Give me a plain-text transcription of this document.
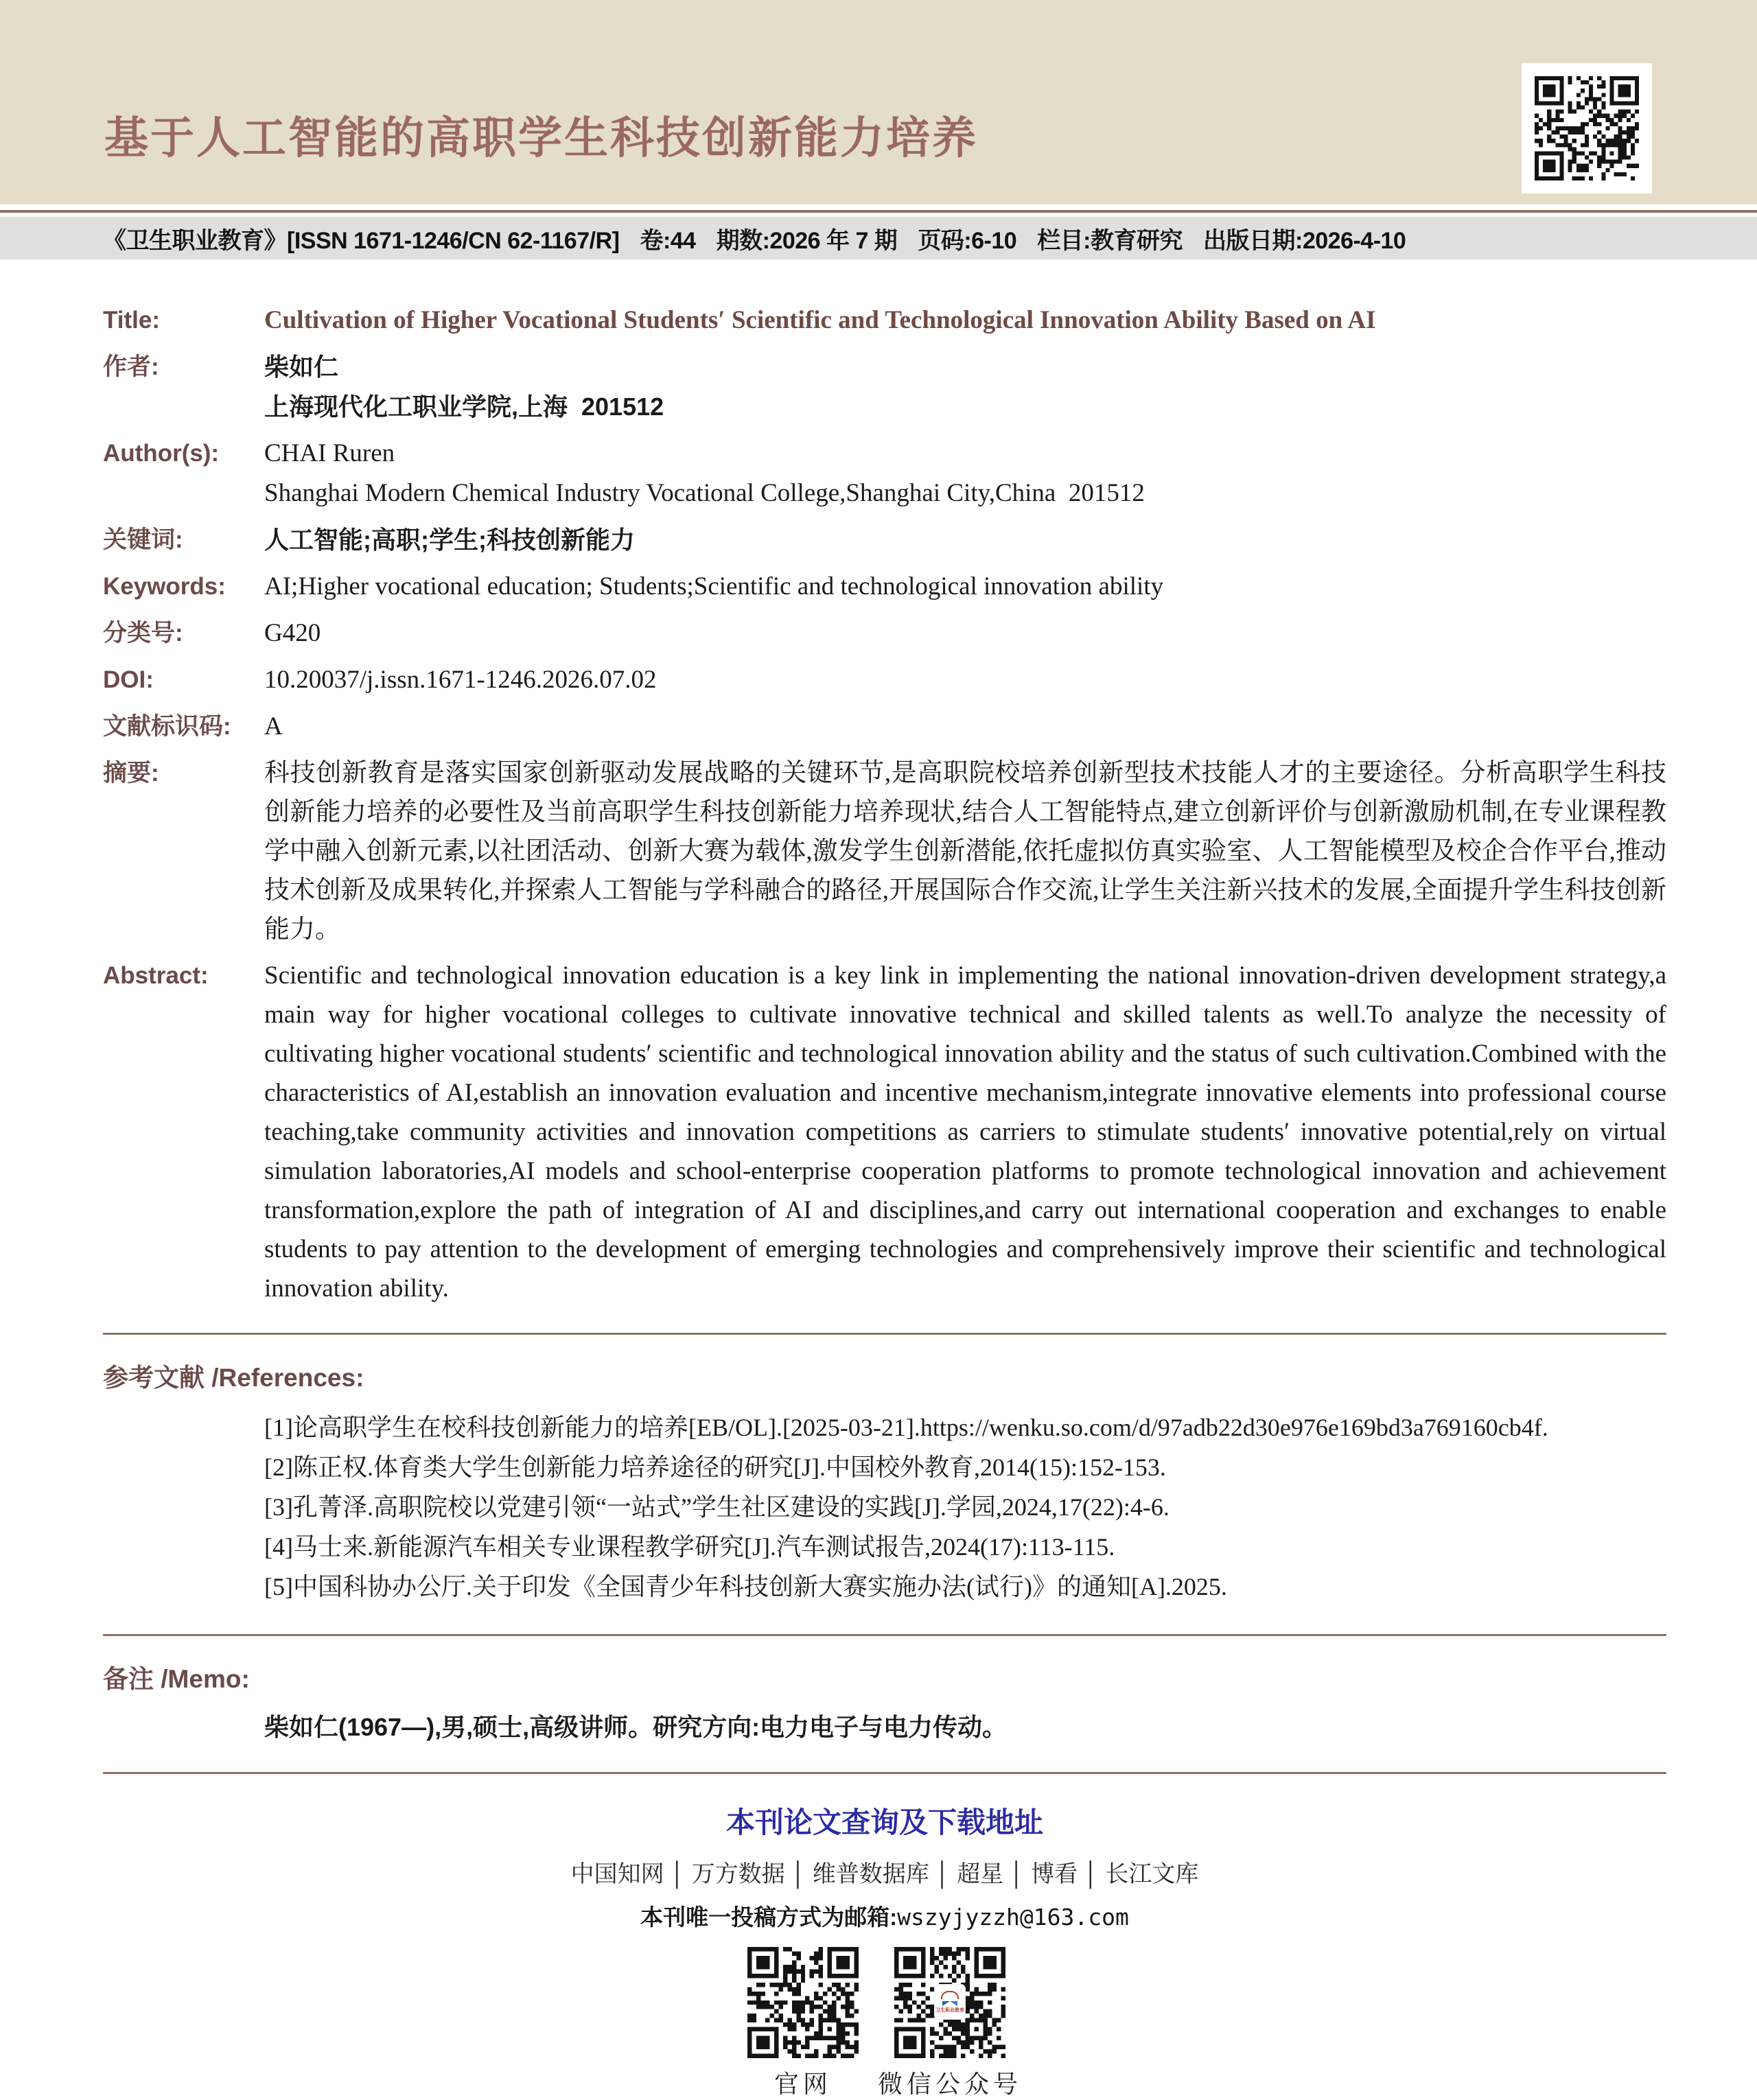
基于人工智能的高职学生科技创新能力培养
《卫生职业教育》[ISSN 1671-1246/CN 62-1167/R] 卷:44 期数:2026 年 7 期 页码:6-10 栏目:教育研究 出版日期:2026-4-10
Title:	Cultivation of Higher Vocational Students′ Scientific and Technological Innovation Ability Based on AI
作者:	柴如仁
上海现代化工职业学院,上海  201512
Author(s):	CHAI Ruren
Shanghai Modern Chemical Industry Vocational College,Shanghai City,China  201512
关键词:	人工智能;高职;学生;科技创新能力
Keywords:	AI;Higher vocational education; Students;Scientific and technological innovation ability
分类号:	G420
DOI:	10.20037/j.issn.1671-1246.2026.07.02
文献标识码:	A
摘要:	科技创新教育是落实国家创新驱动发展战略的关键环节,是高职院校培养创新型技术技能人才的主要途径。分析高职学生科技创新能力培养的必要性及当前高职学生科技创新能力培养现状,结合人工智能特点,建立创新评价与创新激励机制,在专业课程教学中融入创新元素,以社团活动、创新大赛为载体,激发学生创新潜能,依托虚拟仿真实验室、人工智能模型及校企合作平台,推动技术创新及成果转化,并探索人工智能与学科融合的路径,开展国际合作交流,让学生关注新兴技术的发展,全面提升学生科技创新能力。
Abstract:	Scientific and technological innovation education is a key link in implementing the national innovation-driven development strategy,a main way for higher vocational colleges to cultivate innovative technical and skilled talents as well.To analyze the necessity of cultivating higher vocational students′ scientific and technological innovation ability and the status of such cultivation.Combined with the characteristics of AI,establish an innovation evaluation and incentive mechanism,integrate innovative elements into professional course teaching,take community activities and innovation competitions as carriers to stimulate students′ innovative potential,rely on virtual simulation laboratories,AI models and school-enterprise cooperation platforms to promote technological innovation and achievement transformation,explore the path of integration of AI and disciplines,and carry out international cooperation and exchanges to enable students to pay attention to the development of emerging technologies and comprehensively improve their scientific and technological innovation ability.
参考文献 /References:
[1]论高职学生在校科技创新能力的培养[EB/OL].[2025-03-21].https://wenku.so.com/d/97adb22d30e976e169bd3a769160cb4f.
[2]陈正权.体育类大学生创新能力培养途径的研究[J].中国校外教育,2014(15):152-153.
[3]孔菁泽.高职院校以党建引领“一站式”学生社区建设的实践[J].学园,2024,17(22):4-6.
[4]马士来.新能源汽车相关专业课程教学研究[J].汽车测试报告,2024(17):113-115.
[5]中国科协办公厅.关于印发《全国青少年科技创新大赛实施办法(试行)》的通知[A].2025.
备注 /Memo:
柴如仁(1967—),男,硕士,高级讲师。研究方向:电力电子与电力传动。
本刊论文查询及下载地址
中国知网 │ 万方数据 │ 维普数据库 │ 超星 │ 博看 │ 长江文库
本刊唯一投稿方式为邮箱:wszyjyzzh@163.com
官网
卫生职业教育
微信公众号
